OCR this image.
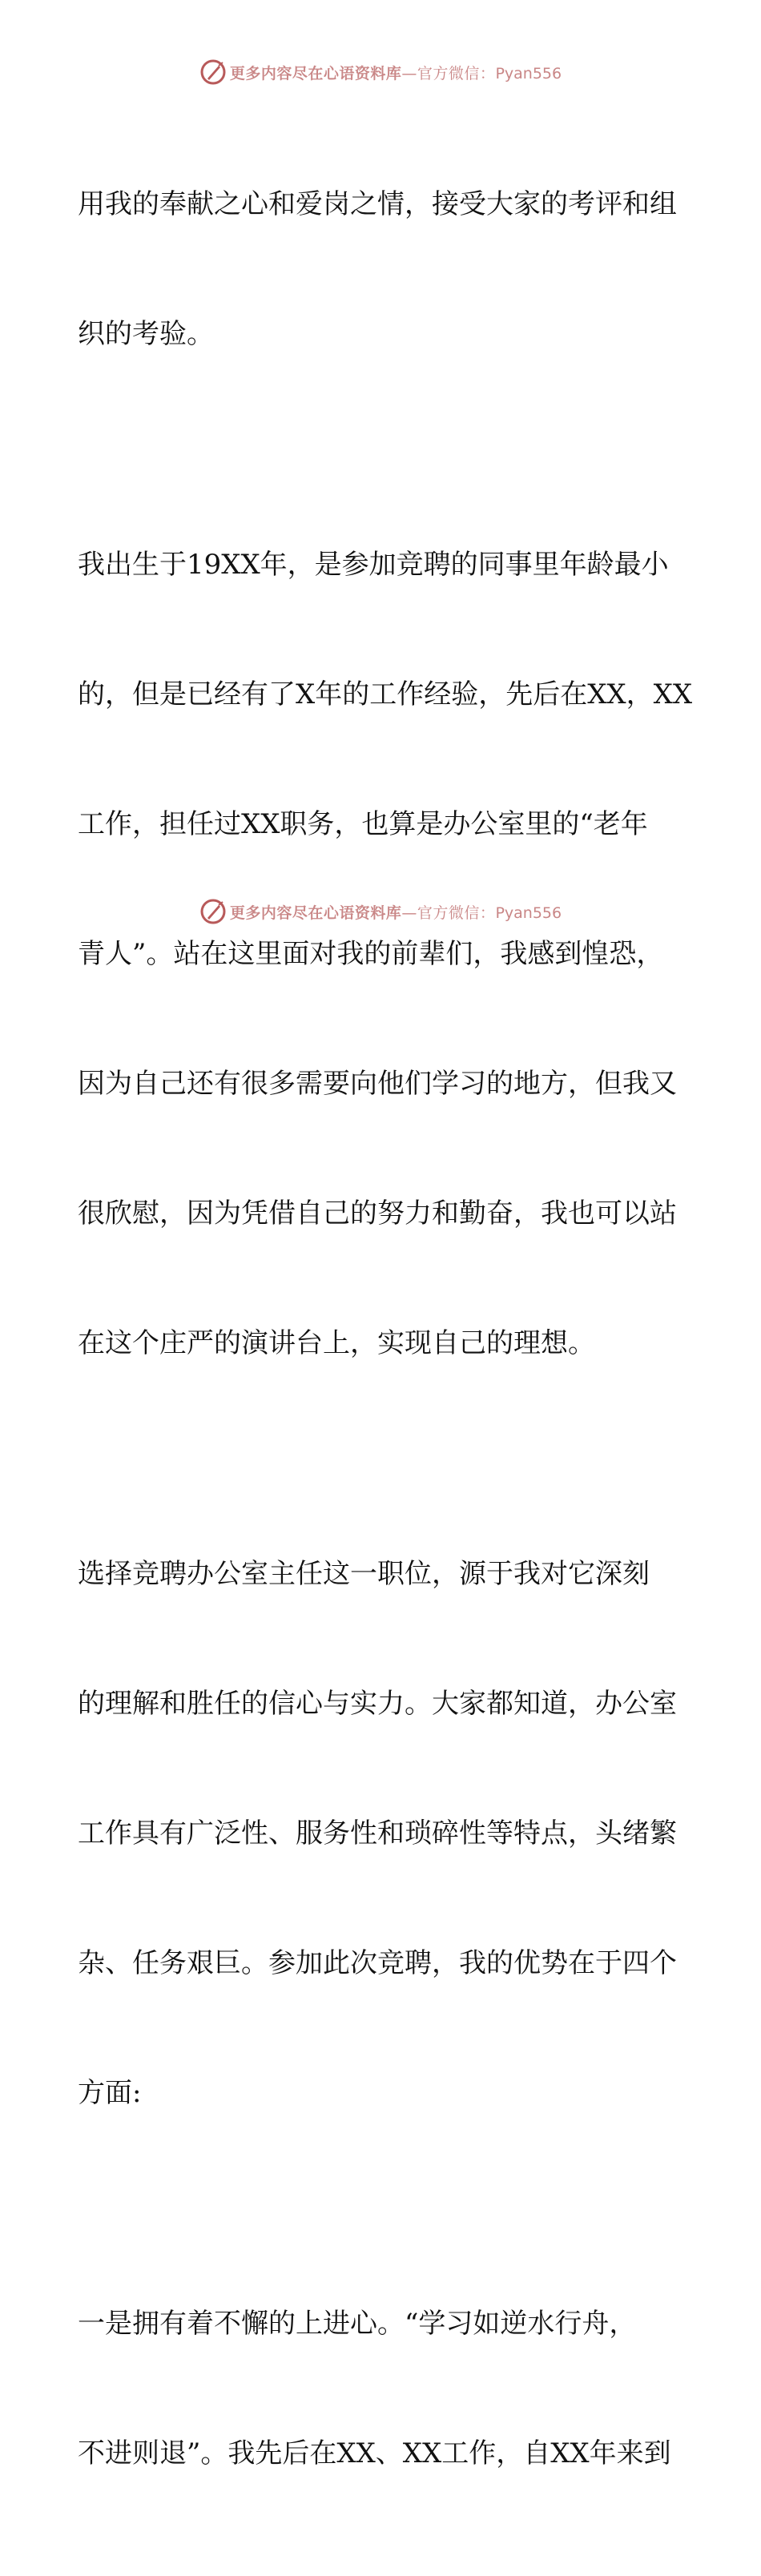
更多内容尽在心语资料库—官方微信：Pyan556

用我的奉献之心和爱岗之情，接受大家的考评和组

织的考验。

我出生于19XX年，是参加竞聘的同事里年龄最小

的，但是已经有了X年的工作经验，先后在XX，XX

工作，担任过XX职务，也算是办公室里的“老年

青人”。站在这里面对我的前辈们，我感到惶恐，

因为自己还有很多需要向他们学习的地方，但我又

很欣慰，因为凭借自己的努力和勤奋，我也可以站

在这个庄严的演讲台上，实现自己的理想。

选择竞聘办公室主任这一职位，源于我对它深刻

的理解和胜任的信心与实力。大家都知道，办公室

工作具有广泛性、服务性和琐碎性等特点，头绪繁

杂、任务艰巨。参加此次竞聘，我的优势在于四个

方面:

一是拥有着不懈的上进心。“学习如逆水行舟，

不进则退”。我先后在XX、XX工作，自XX年来到

更多内容尽在心语资料库—官方微信：Pyan556
